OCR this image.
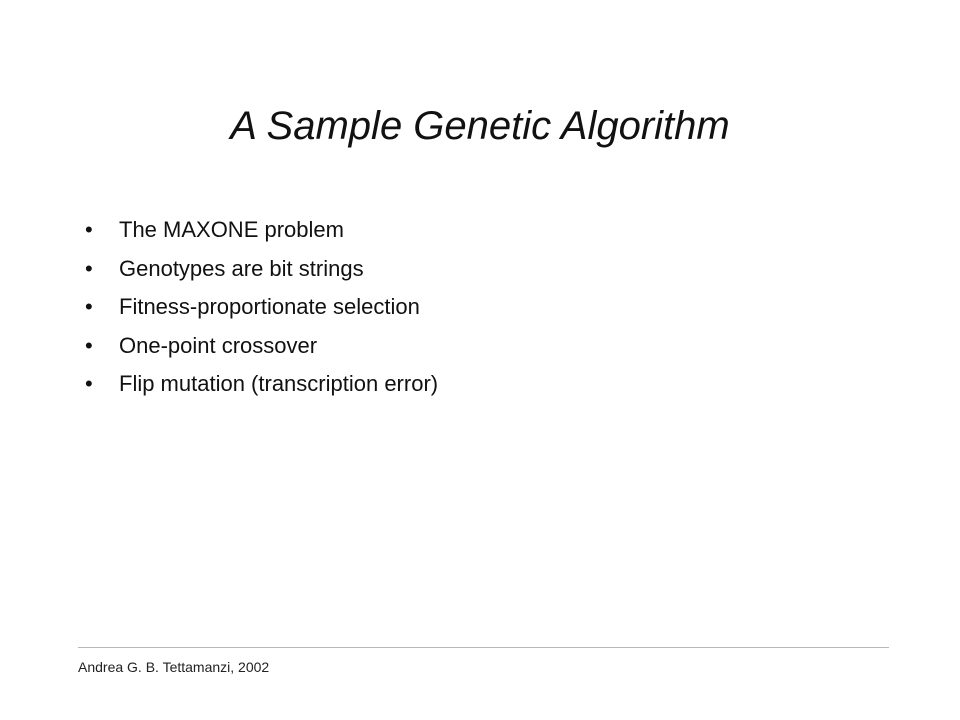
A Sample Genetic Algorithm
•	The MAXONE problem
•	Genotypes are bit strings
•	Fitness-proportionate selection
•	One-point crossover
•	Flip mutation (transcription error)
Andrea G. B. Tettamanzi, 2002
